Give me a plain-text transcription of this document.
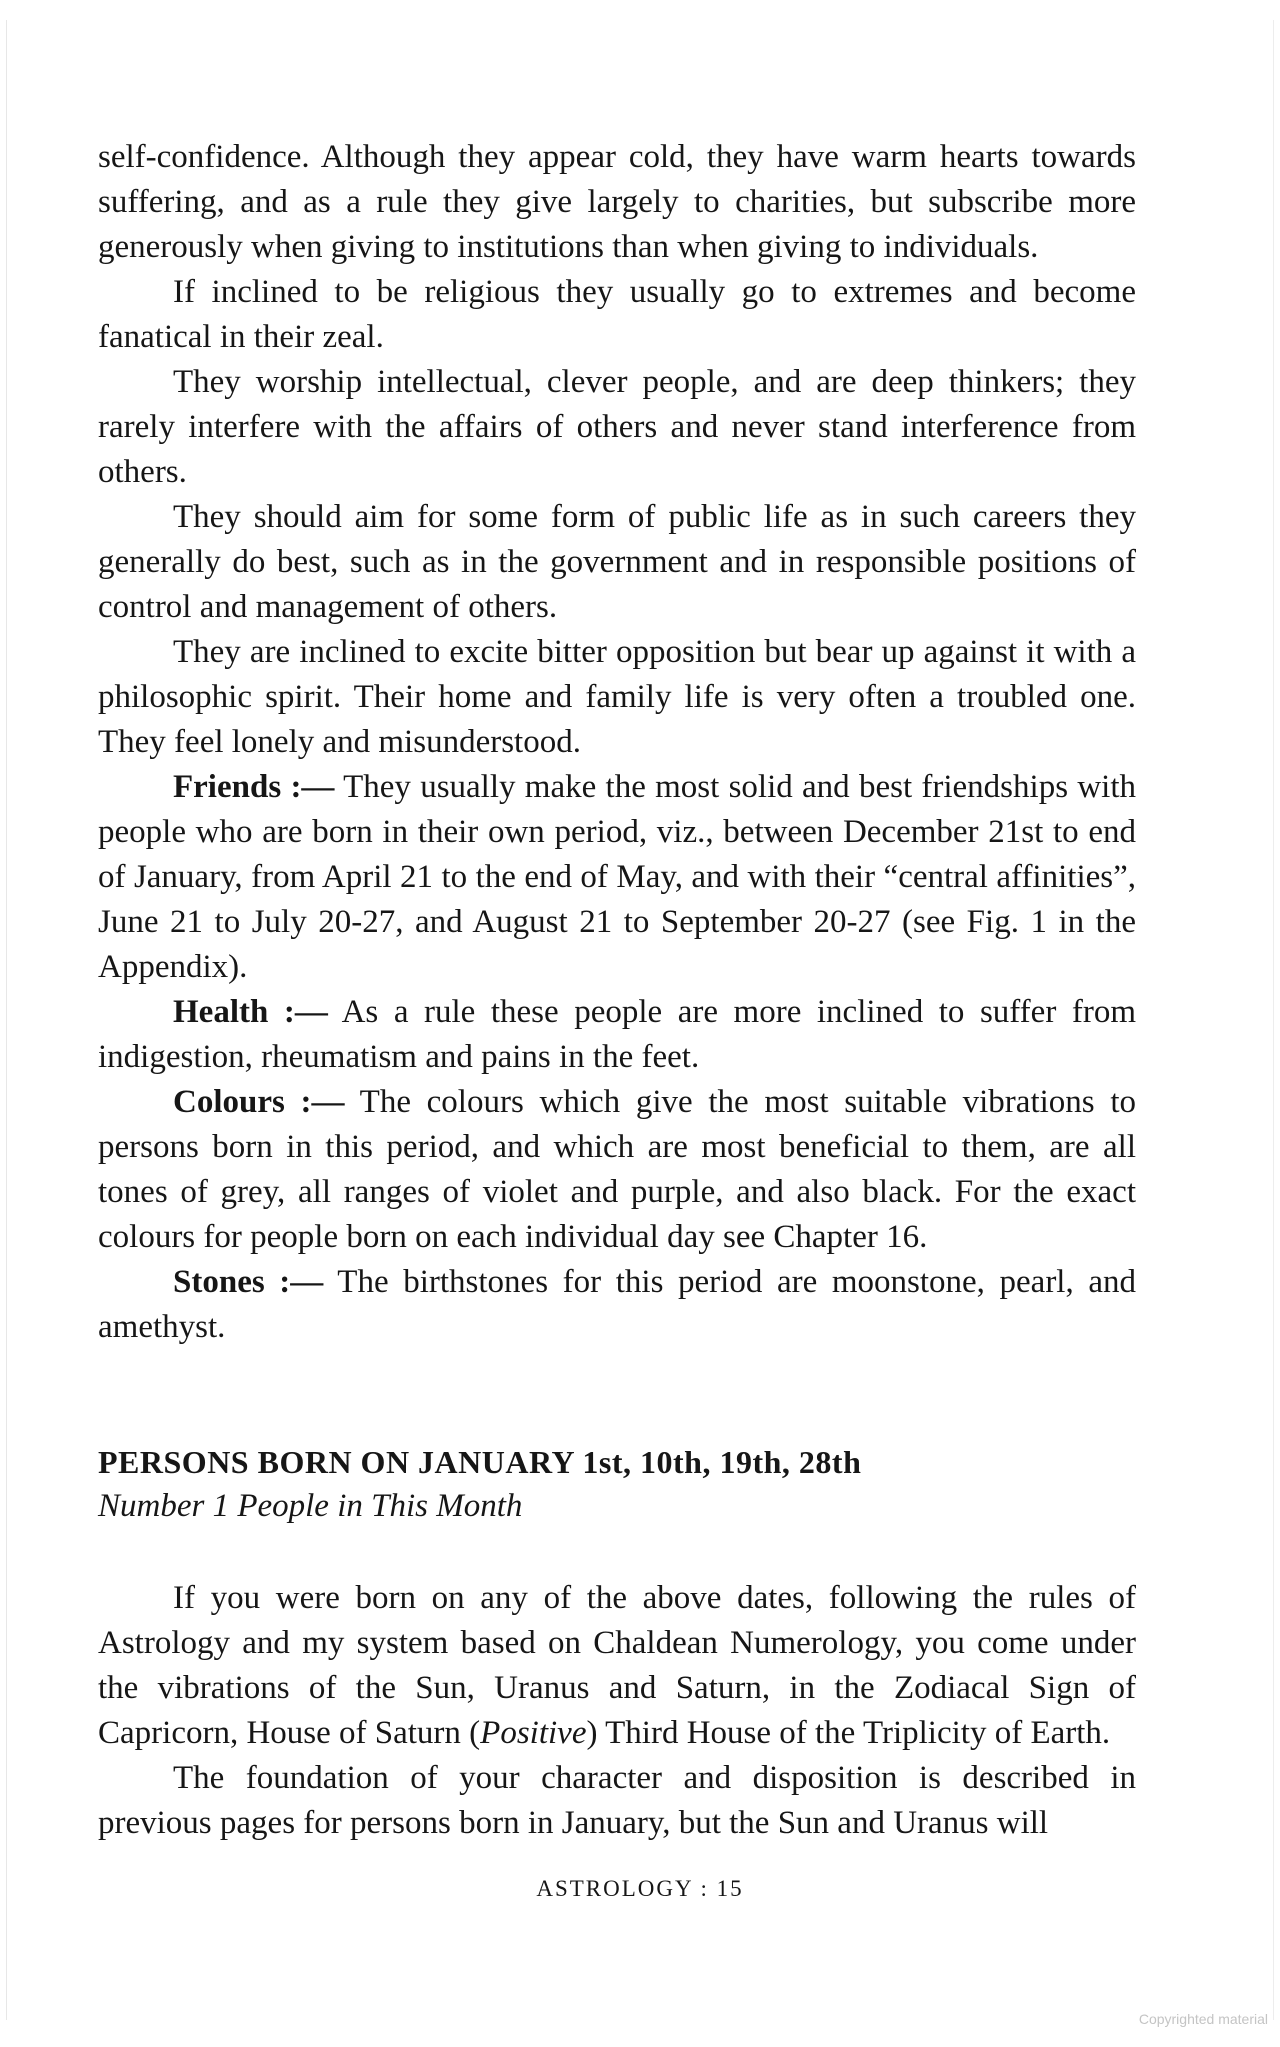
self-confidence. Although they appear cold, they have warm hearts towards suffering, and as a rule they give largely to charities, but subscribe more generously when giving to institutions than when giving to individuals.

If inclined to be religious they usually go to extremes and become fanatical in their zeal.

They worship intellectual, clever people, and are deep thinkers; they rarely interfere with the affairs of others and never stand interference from others.

They should aim for some form of public life as in such careers they generally do best, such as in the government and in responsible positions of control and management of others.

They are inclined to excite bitter opposition but bear up against it with a philosophic spirit. Their home and family life is very often a troubled one. They feel lonely and misunderstood.

Friends :— They usually make the most solid and best friendships with people who are born in their own period, viz., between December 21st to end of January, from April 21 to the end of May, and with their “central affinities”, June 21 to July 20-27, and August 21 to September 20-27 (see Fig. 1 in the Appendix).

Health :— As a rule these people are more inclined to suffer from indigestion, rheumatism and pains in the feet.

Colours :— The colours which give the most suitable vibrations to persons born in this period, and which are most beneficial to them, are all tones of grey, all ranges of violet and purple, and also black. For the exact colours for people born on each individual day see Chapter 16.

Stones :— The birthstones for this period are moonstone, pearl, and amethyst.

PERSONS BORN ON JANUARY 1st, 10th, 19th, 28th
Number 1 People in This Month

If you were born on any of the above dates, following the rules of Astrology and my system based on Chaldean Numerology, you come under the vibrations of the Sun, Uranus and Saturn, in the Zodiacal Sign of Capricorn, House of Saturn (Positive) Third House of the Triplicity of Earth.

The foundation of your character and disposition is described in previous pages for persons born in January, but the Sun and Uranus will

ASTROLOGY : 15
Copyrighted material
